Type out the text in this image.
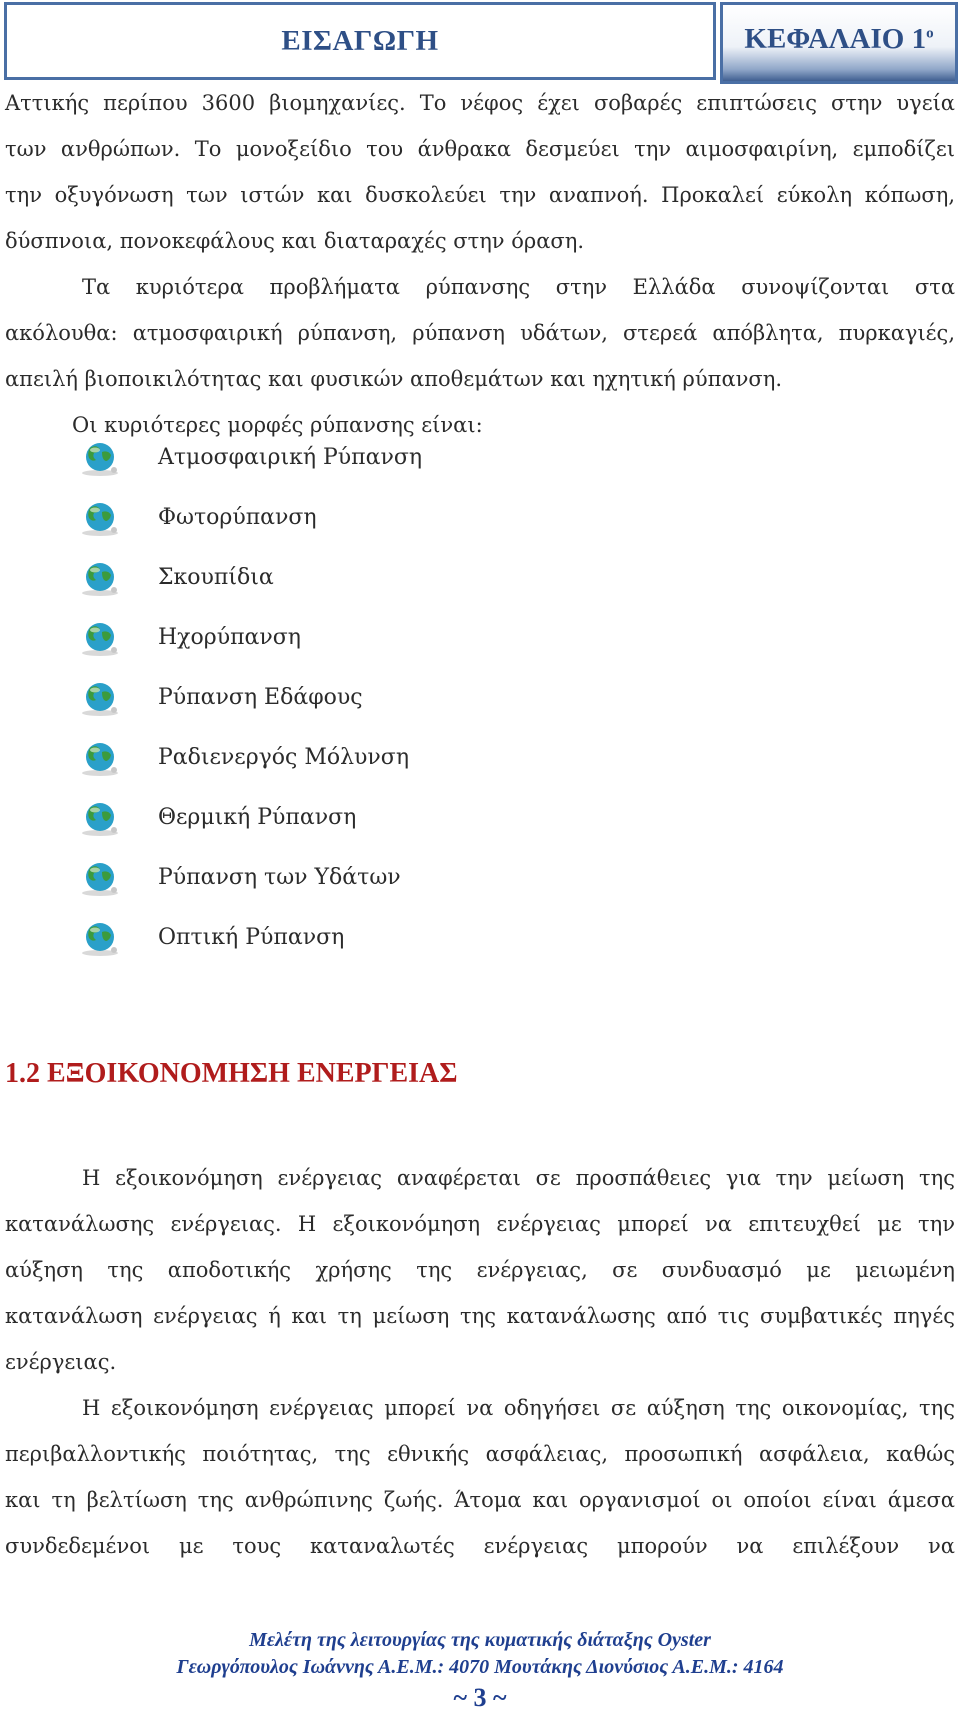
ΕΙΣΑΓΩΓΗ	ΚΕΦΑΛΑΙΟ $1^o$
Αττικής περίπου 3600 βιομηχανίες. Το νέφος έχει σοβαρές επιπτώσεις στην υγεία
των ανθρώπων. Το μονοξείδιο του άνθρακα δεσμεύει την αιμοσφαιρίνη, εμποδίζει
την οξυγόνωση των ιστών και δυσκολεύει την αναπνοή. Προκαλεί εύκολη κόπωση,
δύσπνοια, πονοκεφάλους και διαταραχές στην όραση.
Τα κυριότερα προβλήματα ρύπανσης στην Ελλάδα συνοψίζονται στα
ακόλουθα: ατμοσφαιρική ρύπανση, ρύπανση υδάτων, στερεά απόβλητα, πυρκαγιές,
απειλή βιοποικιλότητας και φυσικών αποθεμάτων και ηχητική ρύπανση.
Οι κυριότερες μορφές ρύπανσης είναι:
Ατμοσφαιρική Ρύπανση
Φωτορύπανση
Σκουπίδια
Ηχορύπανση
Ρύπανση Εδάφους
Ραδιενεργός Μόλυνση
Θερμική Ρύπανση
Ρύπανση των Υδάτων
Οπτική Ρύπανση
1.2 ΕΞΟΙΚΟΝΟΜΗΣΗ ΕΝΕΡΓΕΙΑΣ
Η εξοικονόμηση ενέργειας αναφέρεται σε προσπάθειες για την μείωση της
κατανάλωσης ενέργειας. Η εξοικονόμηση ενέργειας μπορεί να επιτευχθεί με την
αύξηση της αποδοτικής χρήσης της ενέργειας, σε συνδυασμό με μειωμένη
κατανάλωση ενέργειας ή και τη μείωση της κατανάλωσης από τις συμβατικές πηγές
ενέργειας.
Η εξοικονόμηση ενέργειας μπορεί να οδηγήσει σε αύξηση της οικονομίας, της
περιβαλλοντικής ποιότητας, της εθνικής ασφάλειας, προσωπική ασφάλεια, καθώς
και τη βελτίωση της ανθρώπινης ζωής. Άτομα και οργανισμοί οι οποίοι είναι άμεσα
συνδεδεμένοι με τους καταναλωτές ενέργειας μπορούν να επιλέξουν να
Μελέτη της λειτουργίας της κυματικής διάταξης Oyster
Γεωργόπουλος Ιωάννης Α.Ε.Μ.: 4070 Μουτάκης Διονύσιος Α.Ε.Μ.: 4164
~ 3 ~
